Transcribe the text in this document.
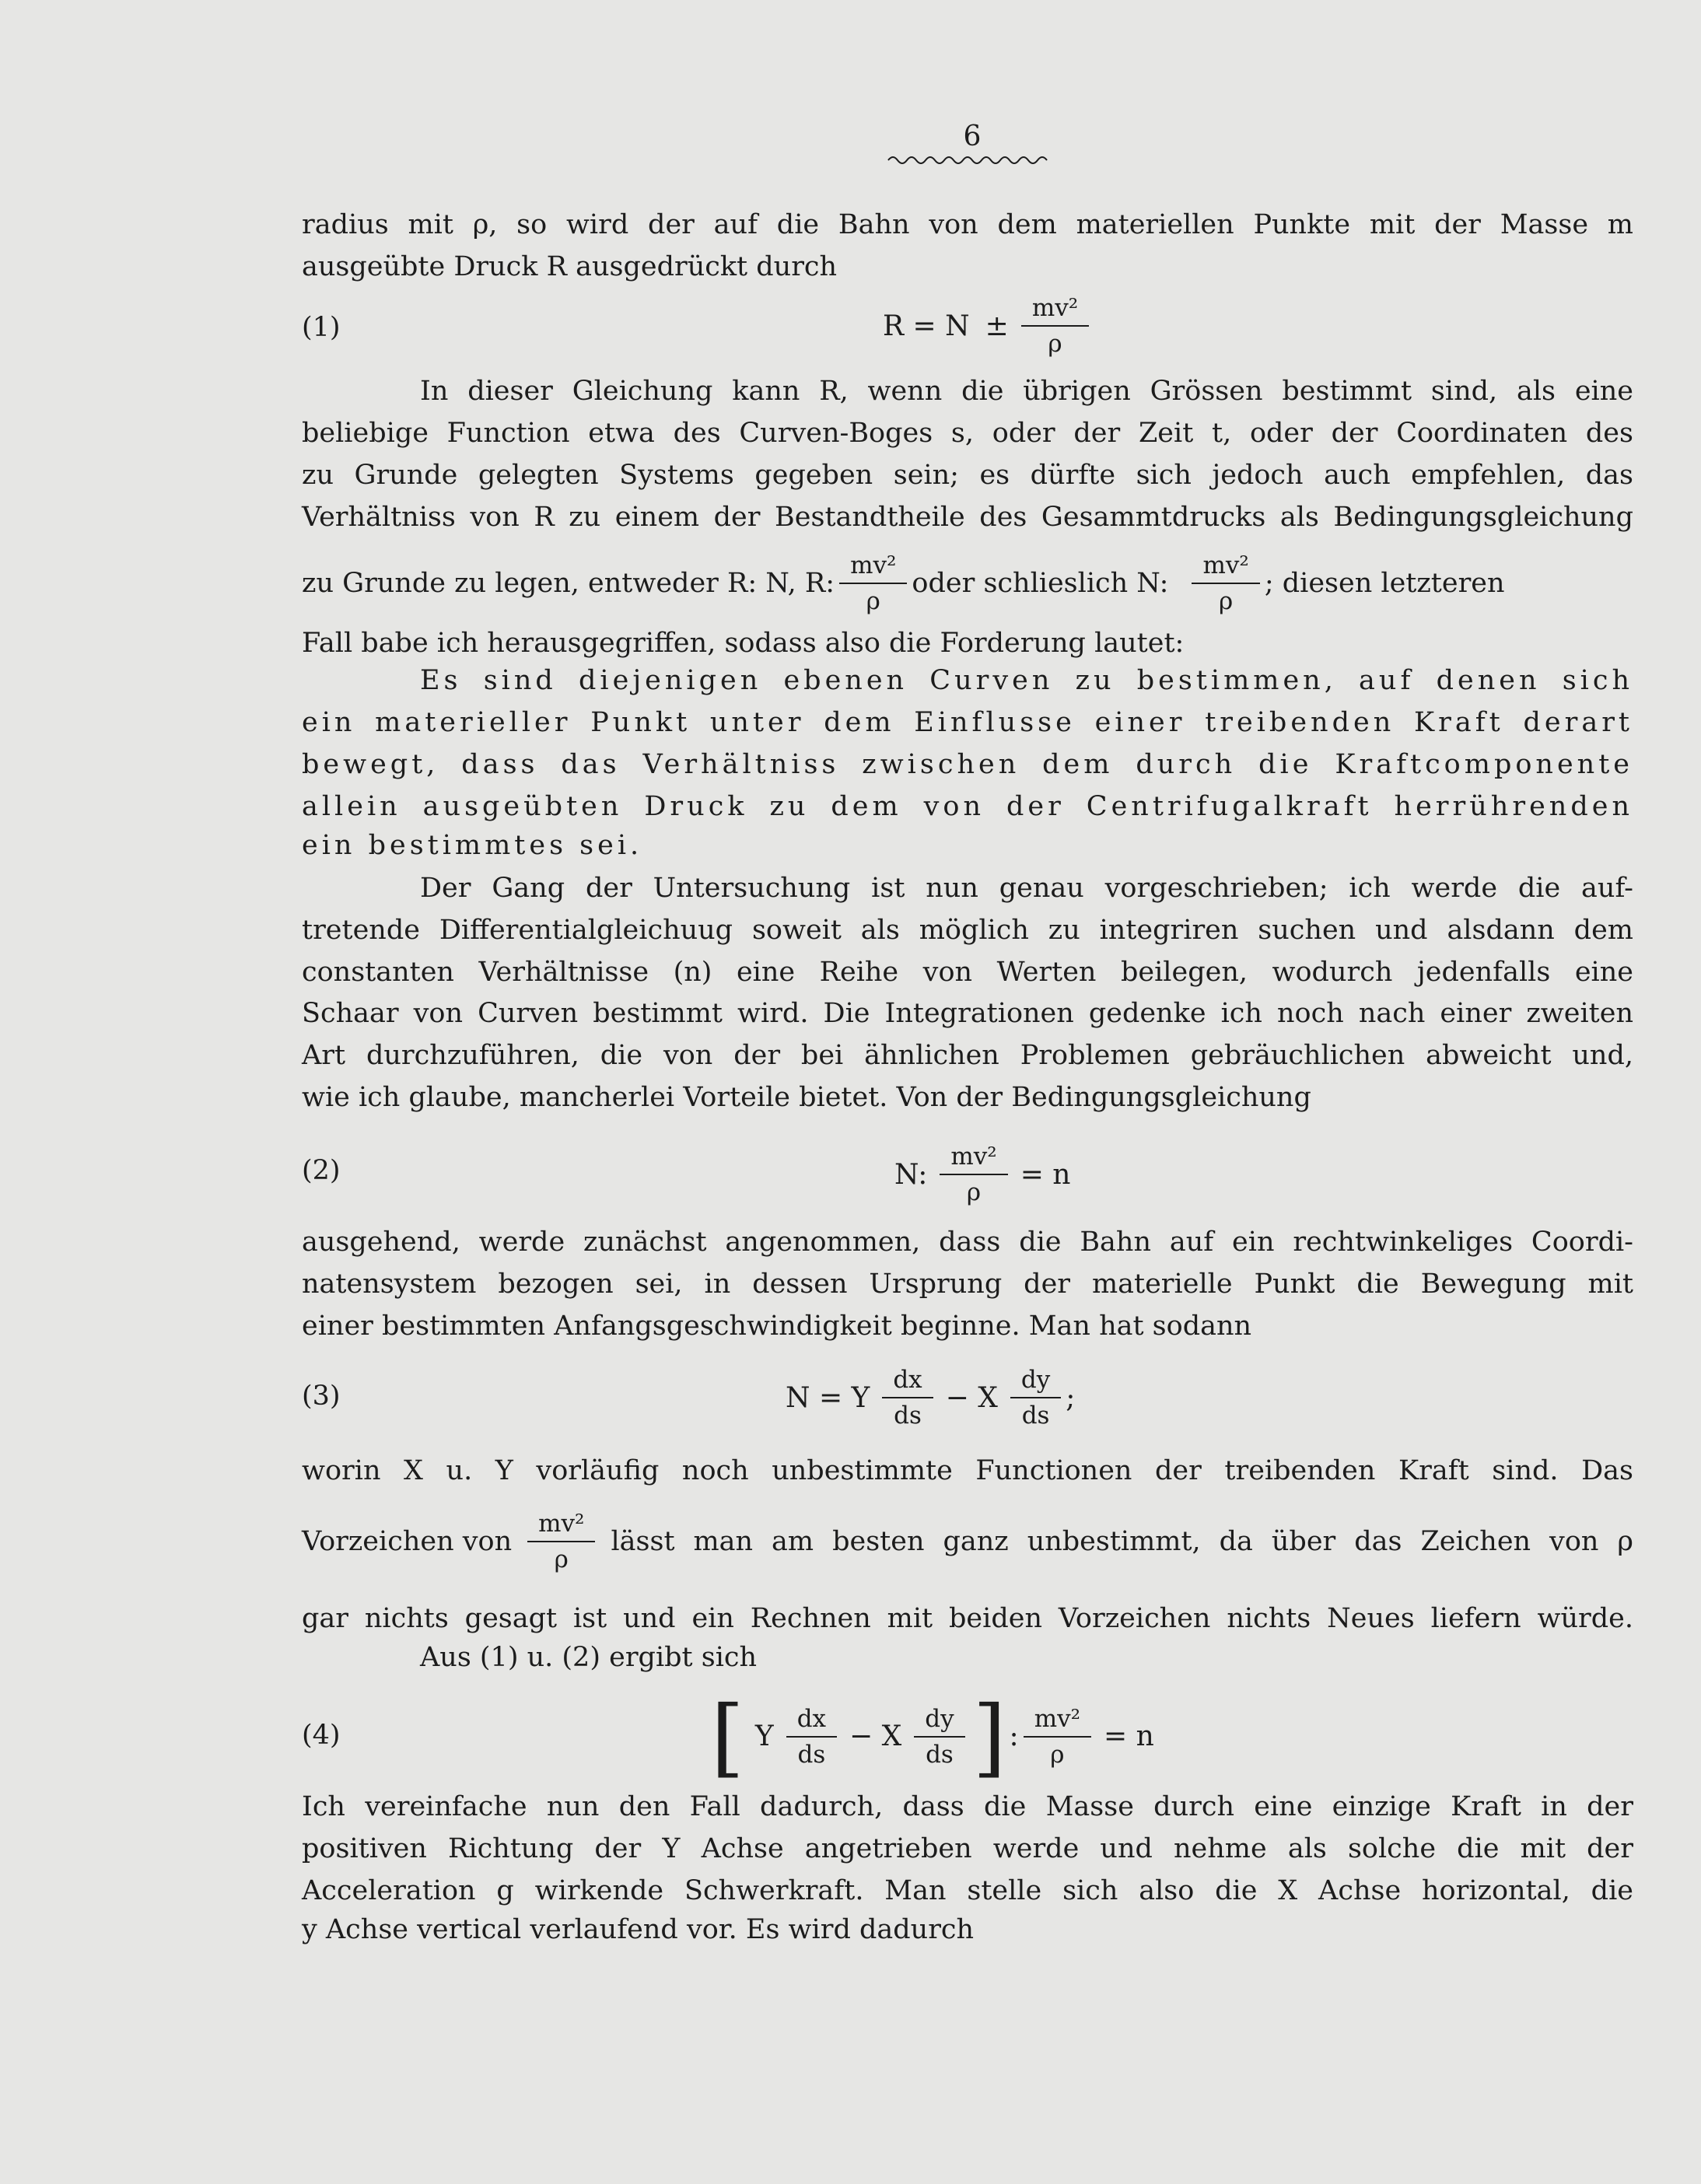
6
radius mit ρ, so wird der auf die Bahn von dem materiellen Punkte mit der Masse m
ausgeübte Druck R ausgedrückt durch
(1)	$R = N \pm \frac{\text{mv²}}{\rho}$
In dieser Gleichung kann R, wenn die übrigen Grössen bestimmt sind, als eine
beliebige Function etwa des Curven-Boges s, oder der Zeit t, oder der Coordinaten des
zu Grunde gelegten Systems gegeben sein; es dürfte sich jedoch auch empfehlen, das
Verhältniss von R zu einem der Bestandtheile des Gesammtdrucks als Bedingungsgleichung
zu Grunde zu legen, entweder R: N, R: $\frac{\text{mv²}}{\rho}$ oder schlieslich N: $\frac{\text{mv²}}{\rho}$ ; diesen letzteren
Fall babe ich herausgegriffen, sodass also die Forderung lautet:
Es sind diejenigen ebenen Curven zu bestimmen, auf denen sich
ein materieller Punkt unter dem Einflusse einer treibenden Kraft derart
bewegt, dass das Verhältniss zwischen dem durch die Kraftcomponente
allein ausgeübten Druck zu dem von der Centrifugalkraft herrührenden
ein bestimmtes sei.
Der Gang der Untersuchung ist nun genau vorgeschrieben; ich werde die auf-
tretende Differentialgleichuug soweit als möglich zu integriren suchen und alsdann dem
constanten Verhältnisse (n) eine Reihe von Werten beilegen, wodurch jedenfalls eine
Schaar von Curven bestimmt wird. Die Integrationen gedenke ich noch nach einer zweiten
Art durchzuführen, die von der bei ähnlichen Problemen gebräuchlichen abweicht und,
wie ich glaube, mancherlei Vorteile bietet. Von der Bedingungsgleichung
(2)	N: $\frac{\text{mv²}}{\rho} = n$
ausgehend, werde zunächst angenommen, dass die Bahn auf ein rechtwinkeliges Coordi-
natensystem bezogen sei, in dessen Ursprung der materielle Punkt die Bewegung mit
einer bestimmten Anfangsgeschwindigkeit beginne. Man hat sodann
(3)	N = Y $\frac{dx}{ds} - X \frac{dy}{ds}$ ;
worin X u. Y vorläufig noch unbestimmte Functionen der treibenden Kraft sind. Das
Vorzeichen von $\frac{\text{mv²}}{\rho}$ lässt man am besten ganz unbestimmt, da über das Zeichen von ρ
gar nichts gesagt ist und ein Rechnen mit beiden Vorzeichen nichts Neues liefern würde.
Aus (1) u. (2) ergibt sich
(4)	[ Y $\frac{dx}{ds} - X \frac{dy}{ds}$ ] : $\frac{\text{mv²}}{\rho} = n$
Ich vereinfache nun den Fall dadurch, dass die Masse durch eine einzige Kraft in der
positiven Richtung der Y Achse angetrieben werde und nehme als solche die mit der
Acceleration g wirkende Schwerkraft. Man stelle sich also die X Achse horizontal, die
y Achse vertical verlaufend vor. Es wird dadurch
